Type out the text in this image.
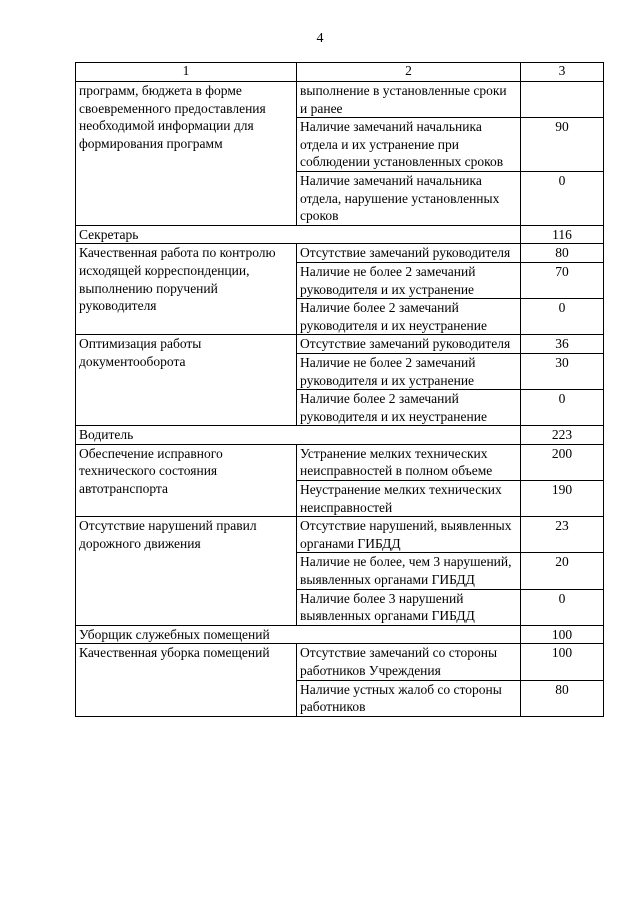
4
1	2	3
программ, бюджета в форме своевременного предоставления необходимой информации для формирования программ	выполнение в установленные сроки и ранее	
	Наличие замечаний начальника отдела и их устранение при соблюдении установленных сроков	90
	Наличие замечаний начальника отдела, нарушение установленных сроков	0
Секретарь		116
Качественная работа по контролю исходящей корреспонденции, выполнению поручений руководителя	Отсутствие замечаний руководителя	80
	Наличие не более 2 замечаний руководителя и их устранение	70
	Наличие более 2 замечаний руководителя и их неустранение	0

Оптимизация работы документооборота	Отсутствие замечаний руководителя	36
	Наличие не более 2 замечаний руководителя и их устранение	30
	Наличие более 2 замечаний руководителя и их неустранение	0
Водитель		223
Обеспечение исправного технического состояния автотранспорта	Устранение мелких технических неисправностей в полном объеме	200
	Неустранение мелких технических неисправностей	190
Отсутствие нарушений правил дорожного движения	Отсутствие нарушений, выявленных органами ГИБДД	23
	Наличие не более, чем 3 нарушений, выявленных органами ГИБДД	20
	Наличие более 3 нарушений выявленных органами ГИБДД	0
Уборщик служебных помещений		100
Качественная уборка помещений	Отсутствие замечаний со стороны работников Учреждения	100
	Наличие устных жалоб со стороны работников	80
